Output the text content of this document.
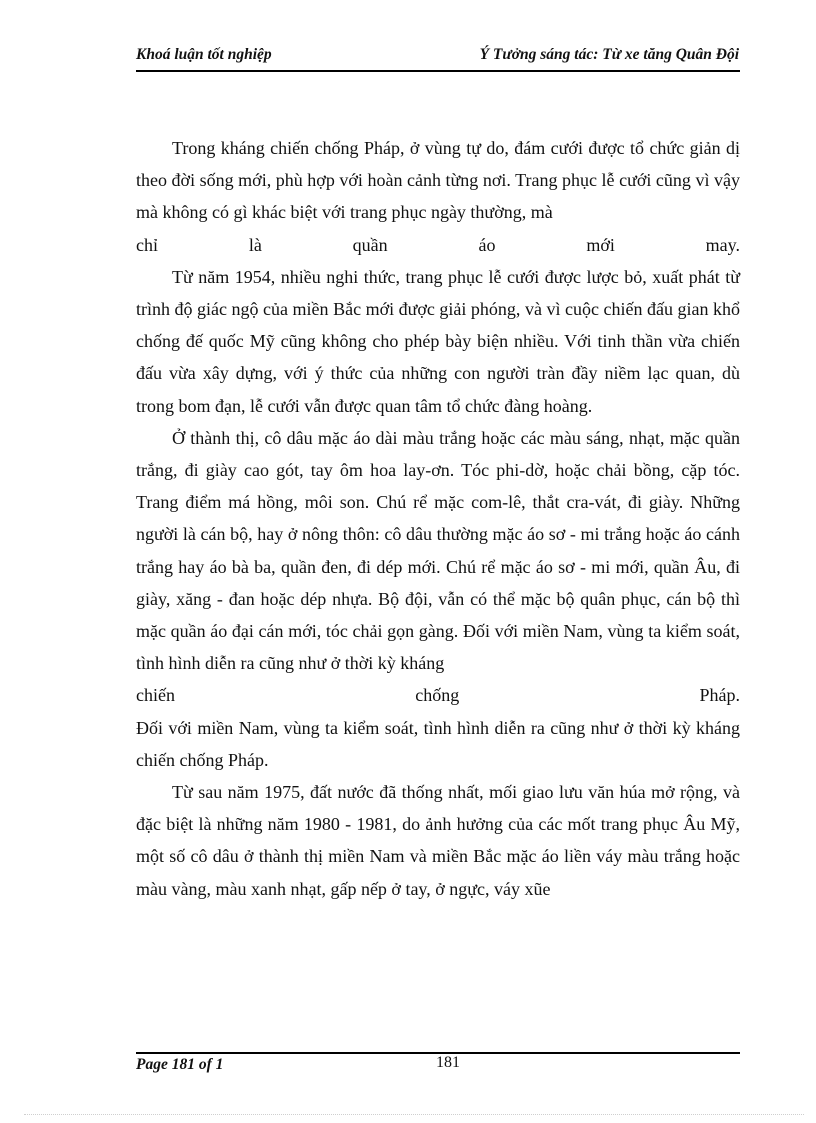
Khoá luận tốt nghiệp	Ý Tưởng sáng tác: Từ xe tăng Quân Đội

Trong kháng chiến chống Pháp, ở vùng tự do, đám cưới được tổ chức giản dị theo đời sống mới, phù hợp với hoàn cảnh từng nơi. Trang phục lễ cưới cũng vì vậy mà không có gì khác biệt với trang phục ngày thường, mà

chỉ	là	quần	áo	mới	may.

Từ năm 1954, nhiều nghi thức, trang phục lễ cưới được lược bỏ, xuất phát từ trình độ giác ngộ của miền Bắc mới được giải phóng, và vì cuộc chiến đấu gian khổ chống đế quốc Mỹ cũng không cho phép bày biện nhiều. Với tinh thần vừa chiến đấu vừa xây dựng, với ý thức của những con người tràn đầy niềm lạc quan, dù trong bom đạn, lễ cưới vẫn được quan tâm tổ chức đàng hoàng.

Ở thành thị, cô dâu mặc áo dài màu trắng hoặc các màu sáng, nhạt, mặc quần trắng, đi giày cao gót, tay ôm hoa lay-ơn. Tóc phi-dờ, hoặc chải bồng, cặp tóc. Trang điểm má hồng, môi son. Chú rể mặc com-lê, thắt cra-vát, đi giày. Những người là cán bộ, hay ở nông thôn: cô dâu thường mặc áo sơ - mi trắng hoặc áo cánh trắng hay áo bà ba, quần đen, đi dép mới. Chú rể mặc áo sơ - mi mới, quần Âu, đi giày, xăng - đan hoặc dép nhựa. Bộ đội, vẫn có thể mặc bộ quân phục, cán bộ thì mặc quần áo đại cán mới, tóc chải gọn gàng. Đối với miền Nam, vùng ta kiểm soát, tình hình diễn ra cũng như ở thời kỳ kháng

chiến	chống	Pháp.

Đối với miền Nam, vùng ta kiểm soát, tình hình diễn ra cũng như ở thời kỳ kháng chiến chống Pháp.

Từ sau năm 1975, đất nước đã thống nhất, mối giao lưu văn húa mở rộng, và đặc biệt là những năm 1980 - 1981, do ảnh hưởng của các mốt trang phục Âu Mỹ, một số cô dâu ở thành thị miền Nam và miền Bắc mặc áo liền váy màu trắng hoặc màu vàng, màu xanh nhạt, gấp nếp ở tay, ở ngực, váy xũe

Page 181 of 1	181
